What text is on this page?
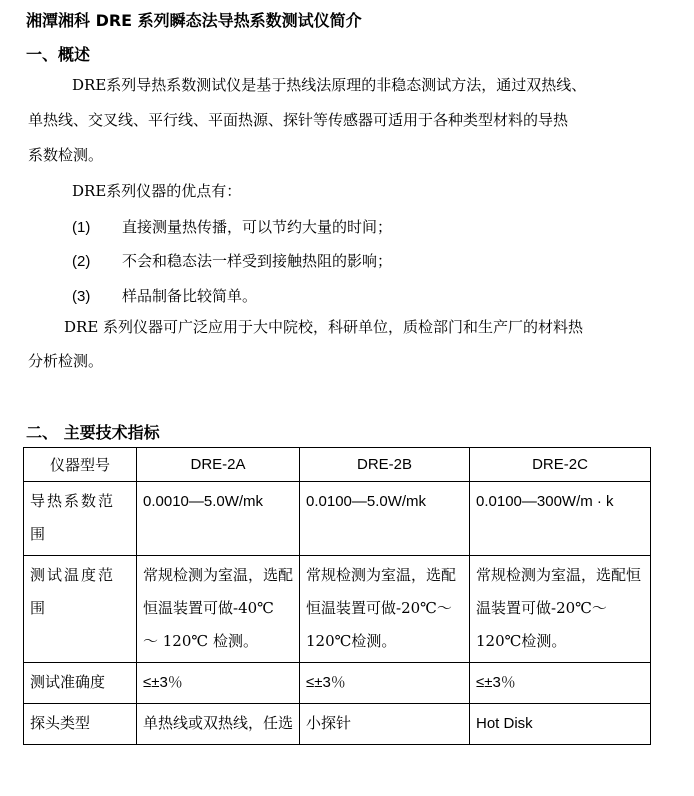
湘潭湘科 DRE 系列瞬态法导热系数测试仪简介
一、概述
DRE系列导热系数测试仪是基于热线法原理的非稳态测试方法，通过双热线、
单热线、交叉线、平行线、平面热源、探针等传感器可适用于各种类型材料的导热
系数检测。
DRE系列仪器的优点有：
(1) 直接测量热传播，可以节约大量的时间；
(2) 不会和稳态法一样受到接触热阻的影响；
(3) 样品制备比较简单。
DRE 系列仪器可广泛应用于大中院校，科研单位，质检部门和生产厂的材料热
分析检测。
二、 主要技术指标
仪器型号	DRE-2A	DRE-2B	DRE-2C
导热系数范围	0.0010—5.0W/mk	0.0100—5.0W/mk	0.0100—300W/m · k
测试温度范围	常规检测为室温，选配恒温装置可做-40℃ ～ 120℃ 检测。	常规检测为室温，选配恒温装置可做-20℃～120℃检测。	常规检测为室温，选配恒温装置可做-20℃～120℃检测。
测试准确度	≤±3％	≤±3％	≤±3％
探头类型	单热线或双热线，任选	小探针	Hot Disk
